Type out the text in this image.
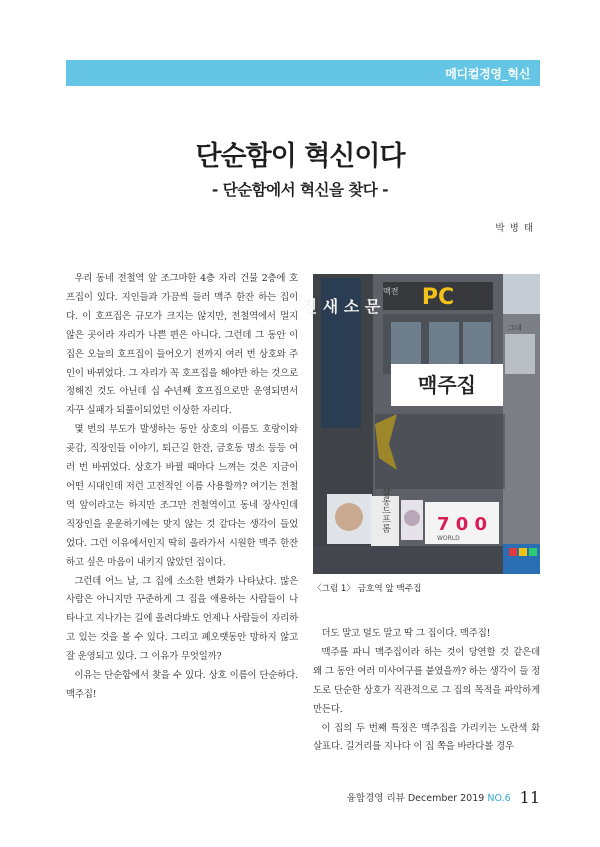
메디컬경영_혁신
단순함이 혁신이다
- 단순함에서 혁신을 찾다 -
박 병 태

우리 동네 전철역 앞 조그마한 4층 자리 건물 2층에 호프집이 있다. 지인들과 가끔씩 들러 맥주 한잔 하는 집이다. 이 호프집은 규모가 크지는 않지만, 전철역에서 멀지 않은 곳이라 자리가 나쁜 편은 아니다. 그런데 그 동안 이 집은 오늘의 호프집이 들어오기 전까지 여러 번 상호와 주인이 바뀌었다. 그 자리가 꼭 호프집을 해야만 하는 것으로 정해진 것도 아닌데 십 수년째 호프집으로만 운영되면서 자꾸 실패가 되풀이되었던 이상한 자리다.

몇 번의 부도가 발생하는 동안 상호의 이름도 호랑이와 곶감, 직장인들 이야기, 퇴근길 한잔, 금호동 명소 등등 여러 번 바뀌었다. 상호가 바뀔 때마다 느껴는 것은 지금이 어떤 시대인데 저런 고전적인 이름 사용할까? 여기는 전철역 앞이라고는 하지만 조그만 전철역이고 동네 장사인데 직장인을 운운하기에는 맞지 않는 것 같다는 생각이 들었었다. 그런 이유에서인지 딱히 올라가서 시원한 맥주 한잔 하고 싶은 마음이 내키지 않았던 집이다.

그런데 어느 날, 그 집에 소소한 변화가 나타났다. 많은 사람은 아니지만 꾸준하게 그 집을 애용하는 사람들이 나타나고 지나가는 길에 올려다봐도 언제나 사람들이 자리하고 있는 것을 볼 수 있다. 그리고 폐오랫동안 망하지 않고 잘 운영되고 있다. 그 이유가 무엇일까?

이유는 단순함에서 찾을 수 있다. 상호 이름이 단순하다. 맥주집!

진 새 소 문 PC
맥전
맥주집
살롱드프롬	7 0 0
WORLD
그대
〈그림 1〉 금호역 앞 맥주집

더도 말고 덜도 말고 딱 그 집이다. 맥주집!

맥주를 파니 맥주집이라 하는 것이 당연할 것 같은데 왜 그 동안 여러 미사여구를 붙였을까? 하는 생각이 들 정도로 단순한 상호가 직관적으로 그 집의 목적을 파악하게 만든다.

이 집의 두 번째 특징은 맥주집을 가리키는 노란색 화살표다. 길거리를 지나다 이 집 쪽을 바라다볼 경우

융합경영 리뷰 December 2019 NO.6 11
